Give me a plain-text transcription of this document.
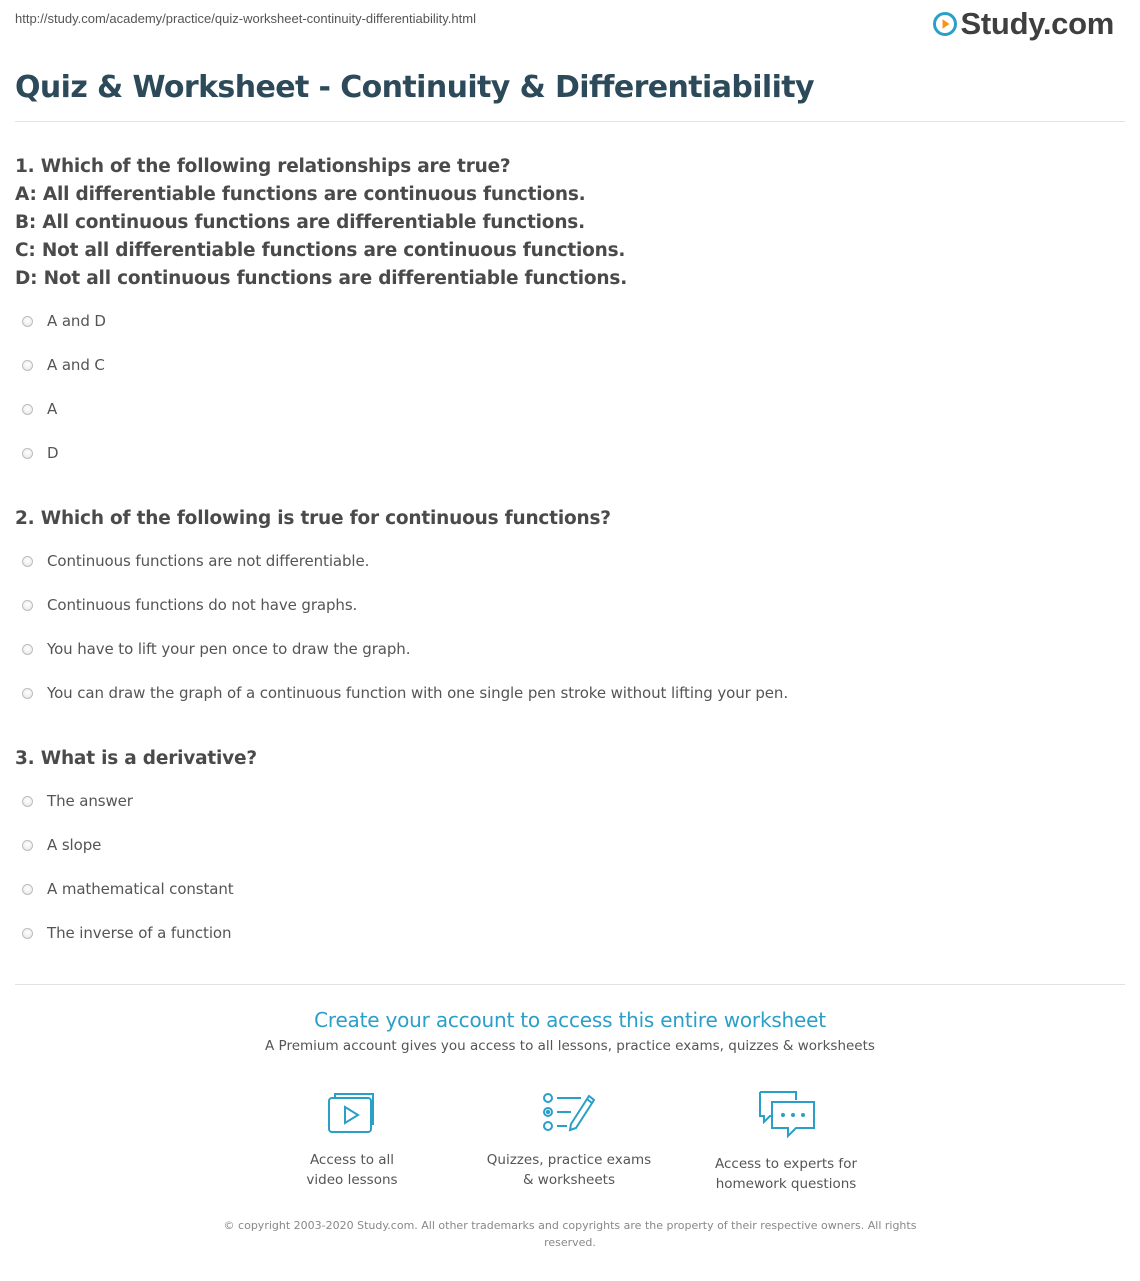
http://study.com/academy/practice/quiz-worksheet-continuity-differentiability.html	Study.com
Quiz & Worksheet - Continuity & Differentiability
1. Which of the following relationships are true?
A: All differentiable functions are continuous functions.
B: All continuous functions are differentiable functions.
C: Not all differentiable functions are continuous functions.
D: Not all continuous functions are differentiable functions.
A and D
A and C
A
D
2. Which of the following is true for continuous functions?
Continuous functions are not differentiable.
Continuous functions do not have graphs.
You have to lift your pen once to draw the graph.
You can draw the graph of a continuous function with one single pen stroke without lifting your pen.
3. What is a derivative?
The answer
A slope
A mathematical constant
The inverse of a function
Create your account to access this entire worksheet
A Premium account gives you access to all lessons, practice exams, quizzes & worksheets
Access to all
video lessons
Quizzes, practice exams
& worksheets
Access to experts for
homework questions
© copyright 2003-2020 Study.com. All other trademarks and copyrights are the property of their respective owners. All rights
reserved.
